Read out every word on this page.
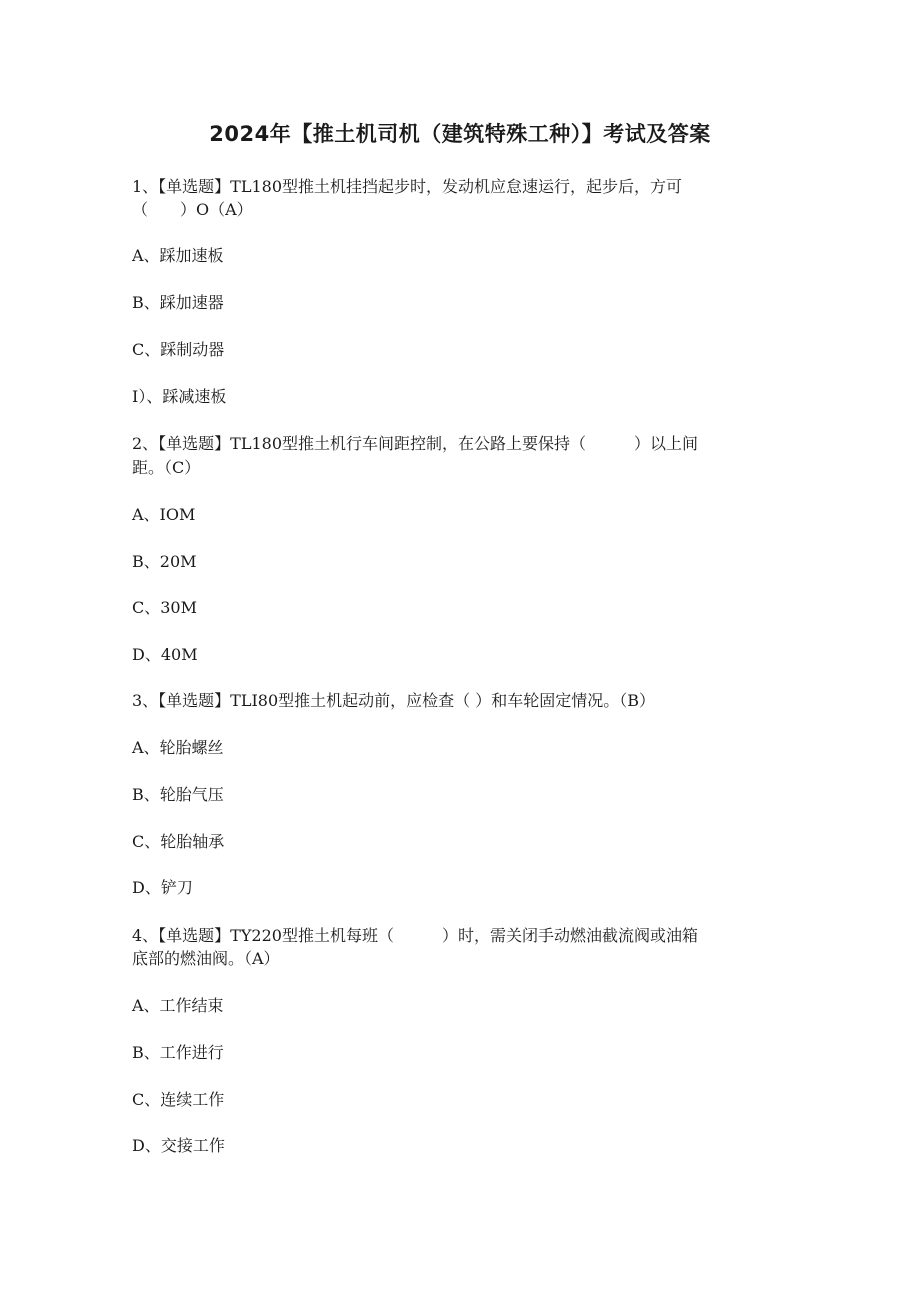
2024年【推土机司机（建筑特殊工种）】考试及答案

1、【单选题】TL180型推土机挂挡起步时，发动机应怠速运行，起步后，方可

（　　）O（A）

A、踩加速板

B、踩加速器

C、踩制动器

I）、踩减速板

2、【单选题】TL180型推土机行车间距控制，在公路上要保持（　　　）以上间

距。（C）

A、IOM

B、20M

C、30M

D、40M

3、【单选题】TLI80型推土机起动前，应检查（ ）和车轮固定情况。（B）

A、轮胎螺丝

B、轮胎气压

C、轮胎轴承

D、铲刀

4、【单选题】TY220型推土机每班（　　　）时，需关闭手动燃油截流阀或油箱

底部的燃油阀。（A）

A、工作结束

B、工作进行

C、连续工作

D、交接工作
